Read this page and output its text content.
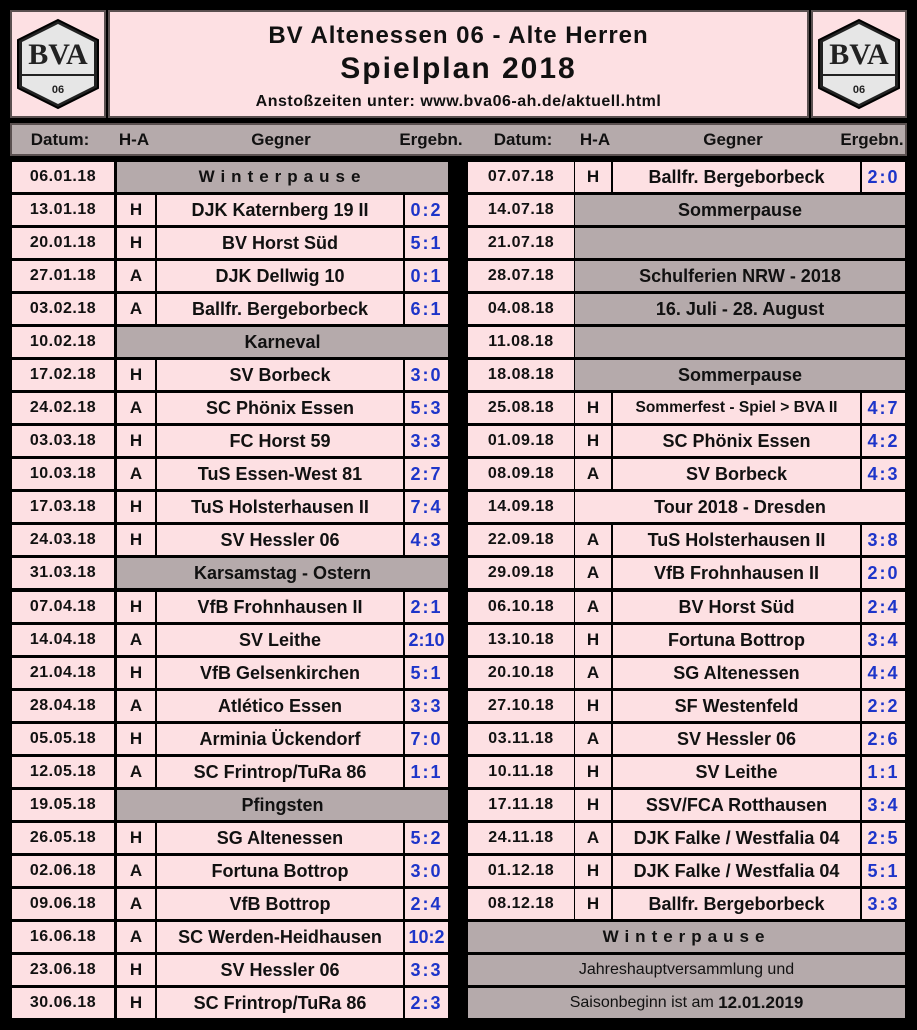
BV Altenessen 06 - Alte Herren
Spielplan 2018
Anstoßzeiten unter: www.bva06-ah.de/aktuell.html
BVA
06
BVA
06
Datum:	H-A	Gegner	Ergebn.	Datum:	H-A	Gegner	Ergebn.
06.01.18	Winterpause
13.01.18	H	DJK Katernberg 19 II	0:2
20.01.18	H	BV Horst Süd	5:1
27.01.18	A	DJK Dellwig 10	0:1
03.02.18	A	Ballfr. Bergeborbeck	6:1
10.02.18	Karneval
17.02.18	H	SV Borbeck	3:0
24.02.18	A	SC Phönix Essen	5:3
03.03.18	H	FC Horst 59	3:3
10.03.18	A	TuS Essen-West 81	2:7
17.03.18	H	TuS Holsterhausen II	7:4
24.03.18	H	SV Hessler 06	4:3
31.03.18	Karsamstag - Ostern
07.04.18	H	VfB Frohnhausen II	2:1
14.04.18	A	SV Leithe	2:10
21.04.18	H	VfB Gelsenkirchen	5:1
28.04.18	A	Atlético Essen	3:3
05.05.18	H	Arminia Ückendorf	7:0
12.05.18	A	SC Frintrop/TuRa 86	1:1
19.05.18	Pfingsten
26.05.18	H	SG Altenessen	5:2
02.06.18	A	Fortuna Bottrop	3:0
09.06.18	A	VfB Bottrop	2:4
16.06.18	A	SC Werden-Heidhausen	10:2
23.06.18	H	SV Hessler 06	3:3
30.06.18	H	SC Frintrop/TuRa 86	2:3
07.07.18	H	Ballfr. Bergeborbeck	2:0
14.07.18	Sommerpause
21.07.18
28.07.18	Schulferien NRW - 2018
04.08.18	16. Juli - 28. August
11.08.18
18.08.18	Sommerpause
25.08.18	H	Sommerfest - Spiel > BVA II	4:7
01.09.18	H	SC Phönix Essen	4:2
08.09.18	A	SV Borbeck	4:3
14.09.18	Tour 2018 - Dresden
22.09.18	A	TuS Holsterhausen II	3:8
29.09.18	A	VfB Frohnhausen II	2:0
06.10.18	A	BV Horst Süd	2:4
13.10.18	H	Fortuna Bottrop	3:4
20.10.18	A	SG Altenessen	4:4
27.10.18	H	SF Westenfeld	2:2
03.11.18	A	SV Hessler 06	2:6
10.11.18	H	SV Leithe	1:1
17.11.18	H	SSV/FCA Rotthausen	3:4
24.11.18	A	DJK Falke / Westfalia 04	2:5
01.12.18	H	DJK Falke / Westfalia 04	5:1
08.12.18	H	Ballfr. Bergeborbeck	3:3
Winterpause
Jahreshauptversammlung und
Saisonbeginn ist am 12.01.2019
